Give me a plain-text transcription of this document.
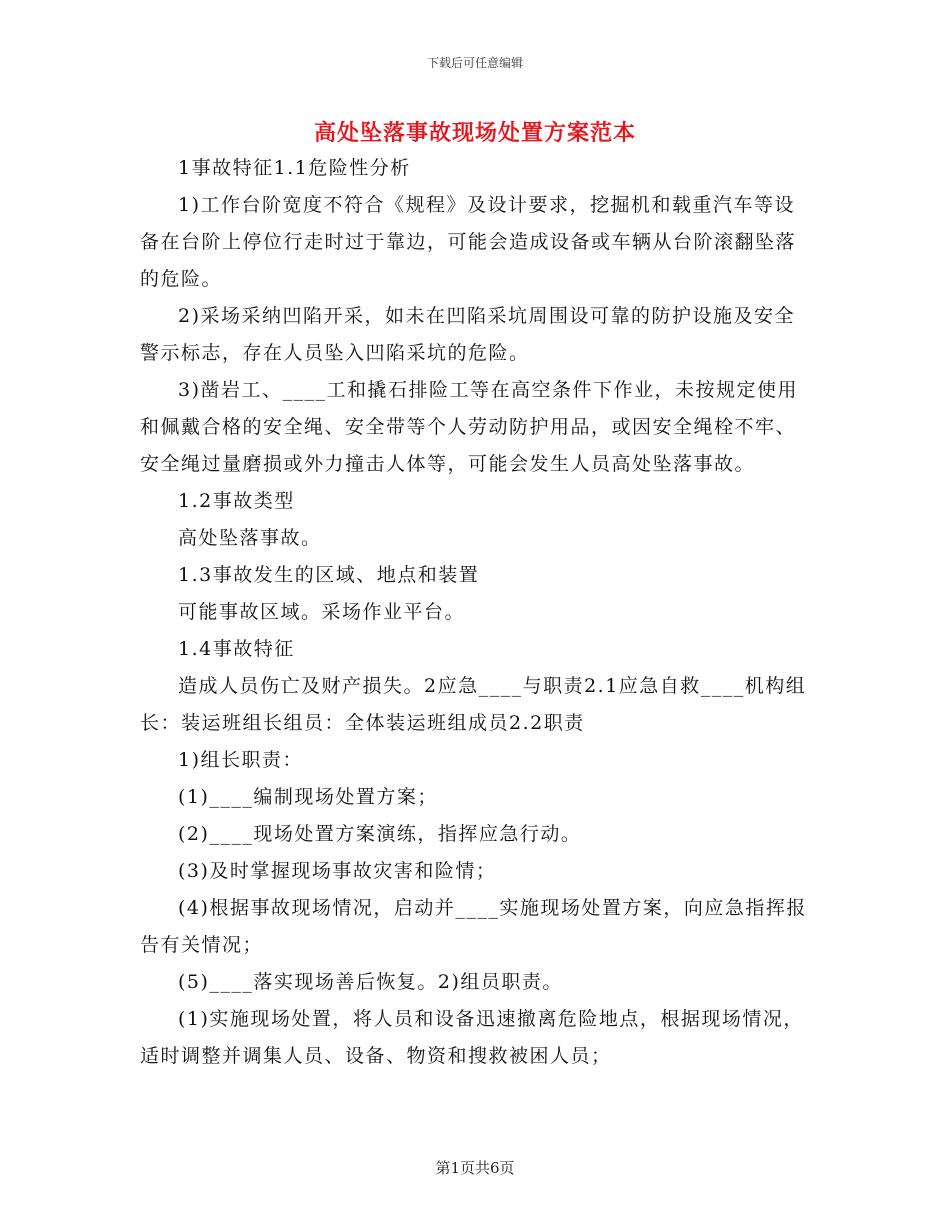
下载后可任意编辑
高处坠落事故现场处置方案范本

1事故特征1.1危险性分析

1)工作台阶宽度不符合《规程》及设计要求，挖掘机和载重汽车等设备在台阶上停位行走时过于靠边，可能会造成设备或车辆从台阶滚翻坠落的危险。

2)采场采纳凹陷开采，如未在凹陷采坑周围设可靠的防护设施及安全警示标志，存在人员坠入凹陷采坑的危险。

3)凿岩工、____工和撬石排险工等在高空条件下作业，未按规定使用和佩戴合格的安全绳、安全带等个人劳动防护用品，或因安全绳栓不牢、安全绳过量磨损或外力撞击人体等，可能会发生人员高处坠落事故。

1.2事故类型

高处坠落事故。

1.3事故发生的区域、地点和装置

可能事故区域。采场作业平台。

1.4事故特征

造成人员伤亡及财产损失。2应急____与职责2.1应急自救____机构组长：装运班组长组员：全体装运班组成员2.2职责

1)组长职责：

(1)____编制现场处置方案；

(2)____现场处置方案演练，指挥应急行动。

(3)及时掌握现场事故灾害和险情；

(4)根据事故现场情况，启动并____实施现场处置方案，向应急指挥报告有关情况；

(5)____落实现场善后恢复。2)组员职责。

(1)实施现场处置，将人员和设备迅速撤离危险地点，根据现场情况，适时调整并调集人员、设备、物资和搜救被困人员；

第1页共6页
